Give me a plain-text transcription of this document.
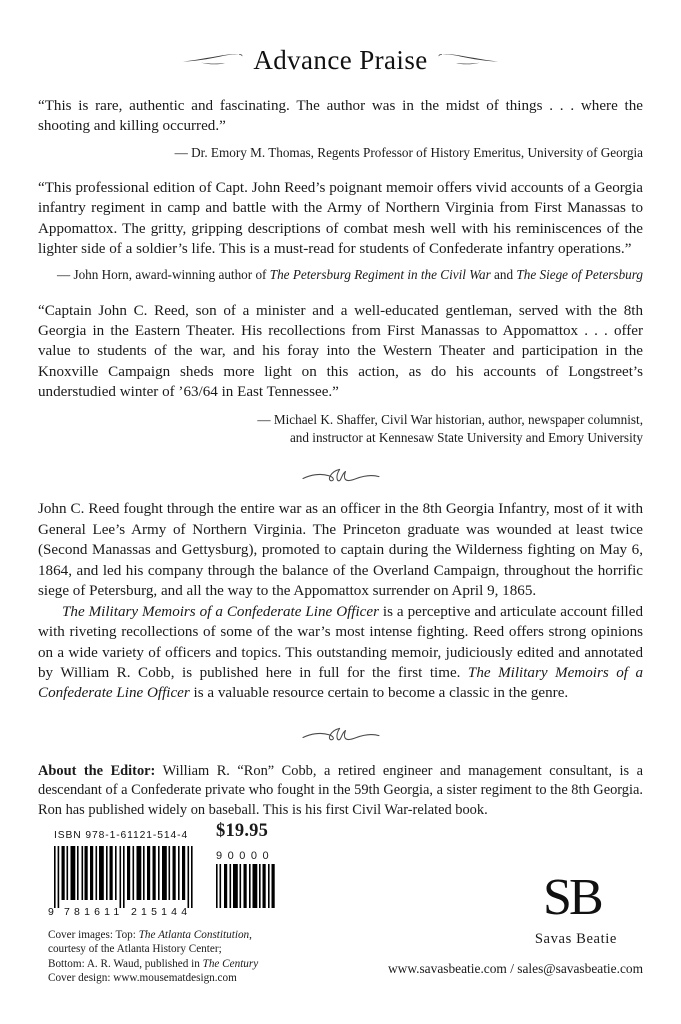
Advance Praise

“This is rare, authentic and fascinating. The author was in the midst of things . . . where the shooting and killing occurred.”

— Dr. Emory M. Thomas, Regents Professor of History Emeritus, University of Georgia

“This professional edition of Capt. John Reed’s poignant memoir offers vivid accounts of a Georgia infantry regiment in camp and battle with the Army of Northern Virginia from First Manassas to Appomattox. The gritty, gripping descriptions of combat mesh well with his reminiscences of the lighter side of a soldier’s life. This is a must-read for students of Confederate infantry operations.”

— John Horn, award-winning author of The Petersburg Regiment in the Civil War and The Siege of Petersburg

“Captain John C. Reed, son of a minister and a well-educated gentleman, served with the 8th Georgia in the Eastern Theater. His recollections from First Manassas to Appomattox . . . offer value to students of the war, and his foray into the Western Theater and participation in the Knoxville Campaign sheds more light on this action, as do his accounts of Longstreet’s understudied winter of ’63/64 in East Tennessee.”

— Michael K. Shaffer, Civil War historian, author, newspaper columnist,
and instructor at Kennesaw State University and Emory University

John C. Reed fought through the entire war as an officer in the 8th Georgia Infantry, most of it with General Lee’s Army of Northern Virginia. The Princeton graduate was wounded at least twice (Second Manassas and Gettysburg), promoted to captain during the Wilderness fighting on May 6, 1864, and led his company through the balance of the Overland Campaign, throughout the horrific siege of Petersburg, and all the way to the Appomattox surrender on April 9, 1865.

The Military Memoirs of a Confederate Line Officer is a perceptive and articulate account filled with riveting recollections of some of the war’s most intense fighting. Reed offers strong opinions on a wide variety of officers and topics. This outstanding memoir, judiciously edited and annotated by William R. Cobb, is published here in full for the first time. The Military Memoirs of a Confederate Line Officer is a valuable resource certain to become a classic in the genre.

About the Editor: William R. “Ron” Cobb, a retired engineer and management consultant, is a descendant of a Confederate private who fought in the 59th Georgia, a sister regiment to the 8th Georgia. Ron has published widely on baseball. This is his first Civil War-related book.

ISBN 978-1-61121-514-4	$19.95
90000
9 781611 215144
Cover images: Top: The Atlanta Constitution,
courtesy of the Atlanta History Center;
Bottom: A. R. Waud, published in The Century
Cover design: www.mousematdesign.com
S
B
Savas Beatie
www.savasbeatie.com / sales@savasbeatie.com
